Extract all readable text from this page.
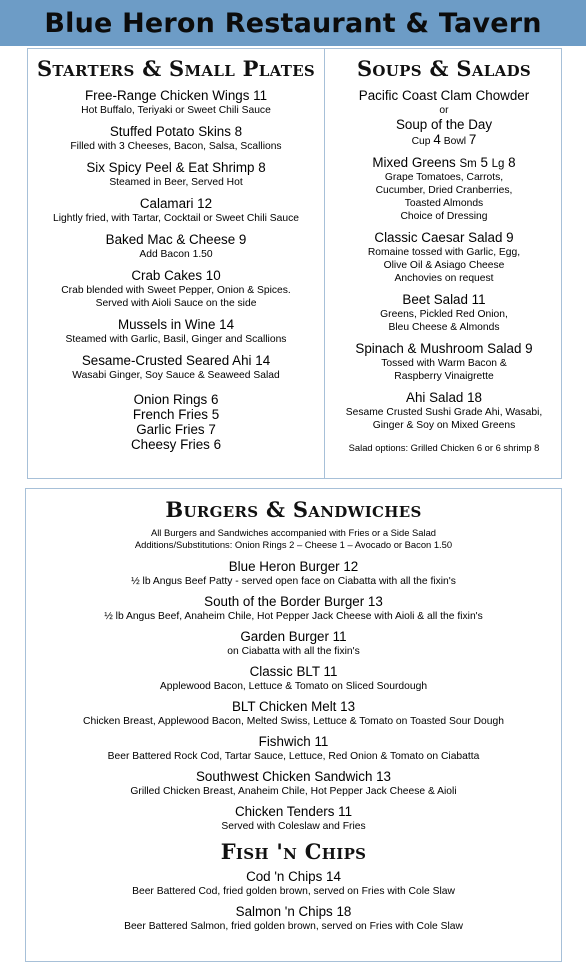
Blue Heron Restaurant & Tavern
Starters & Small Plates
Free-Range Chicken Wings 11
Hot Buffalo, Teriyaki or Sweet Chili Sauce
Stuffed Potato Skins 8
Filled with 3 Cheeses, Bacon, Salsa, Scallions
Six Spicy Peel & Eat Shrimp 8
Steamed in Beer, Served Hot
Calamari 12
Lightly fried, with Tartar, Cocktail or Sweet Chili Sauce
Baked Mac & Cheese 9
Add Bacon 1.50
Crab Cakes 10
Crab blended with Sweet Pepper, Onion & Spices.
Served with Aioli Sauce on the side
Mussels in Wine 14
Steamed with Garlic, Basil, Ginger and Scallions
Sesame-Crusted Seared Ahi 14
Wasabi Ginger, Soy Sauce & Seaweed Salad
Onion Rings 6
French Fries 5
Garlic Fries 7
Cheesy Fries 6
Soups & Salads
Pacific Coast Clam Chowder
or
Soup of the Day
Cup 4 Bowl 7
Mixed Greens Sm 5 Lg 8
Grape Tomatoes, Carrots,
Cucumber, Dried Cranberries,
Toasted Almonds
Choice of Dressing
Classic Caesar Salad 9
Romaine tossed with Garlic, Egg,
Olive Oil & Asiago Cheese
Anchovies on request
Beet Salad 11
Greens, Pickled Red Onion,
Bleu Cheese & Almonds
Spinach & Mushroom Salad 9
Tossed with Warm Bacon &
Raspberry Vinaigrette
Ahi Salad 18
Sesame Crusted Sushi Grade Ahi, Wasabi,
Ginger & Soy on Mixed Greens
Salad options: Grilled Chicken 6 or 6 shrimp 8
Burgers & Sandwiches
All Burgers and Sandwiches accompanied with Fries or a Side Salad
Additions/Substitutions: Onion Rings 2 – Cheese 1 – Avocado or Bacon 1.50
Blue Heron Burger 12
½ lb Angus Beef Patty - served open face on Ciabatta with all the fixin's
South of the Border Burger 13
½ lb Angus Beef, Anaheim Chile, Hot Pepper Jack Cheese with Aioli & all the fixin's
Garden Burger 11
on Ciabatta with all the fixin's
Classic BLT 11
Applewood Bacon, Lettuce & Tomato on Sliced Sourdough
BLT Chicken Melt 13
Chicken Breast, Applewood Bacon, Melted Swiss, Lettuce & Tomato on Toasted Sour Dough
Fishwich 11
Beer Battered Rock Cod, Tartar Sauce, Lettuce, Red Onion & Tomato on Ciabatta
Southwest Chicken Sandwich 13
Grilled Chicken Breast, Anaheim Chile, Hot Pepper Jack Cheese & Aioli
Chicken Tenders 11
Served with Coleslaw and Fries
Fish 'n Chips
Cod 'n Chips 14
Beer Battered Cod, fried golden brown, served on Fries with Cole Slaw
Salmon 'n Chips 18
Beer Battered Salmon, fried golden brown, served on Fries with Cole Slaw
